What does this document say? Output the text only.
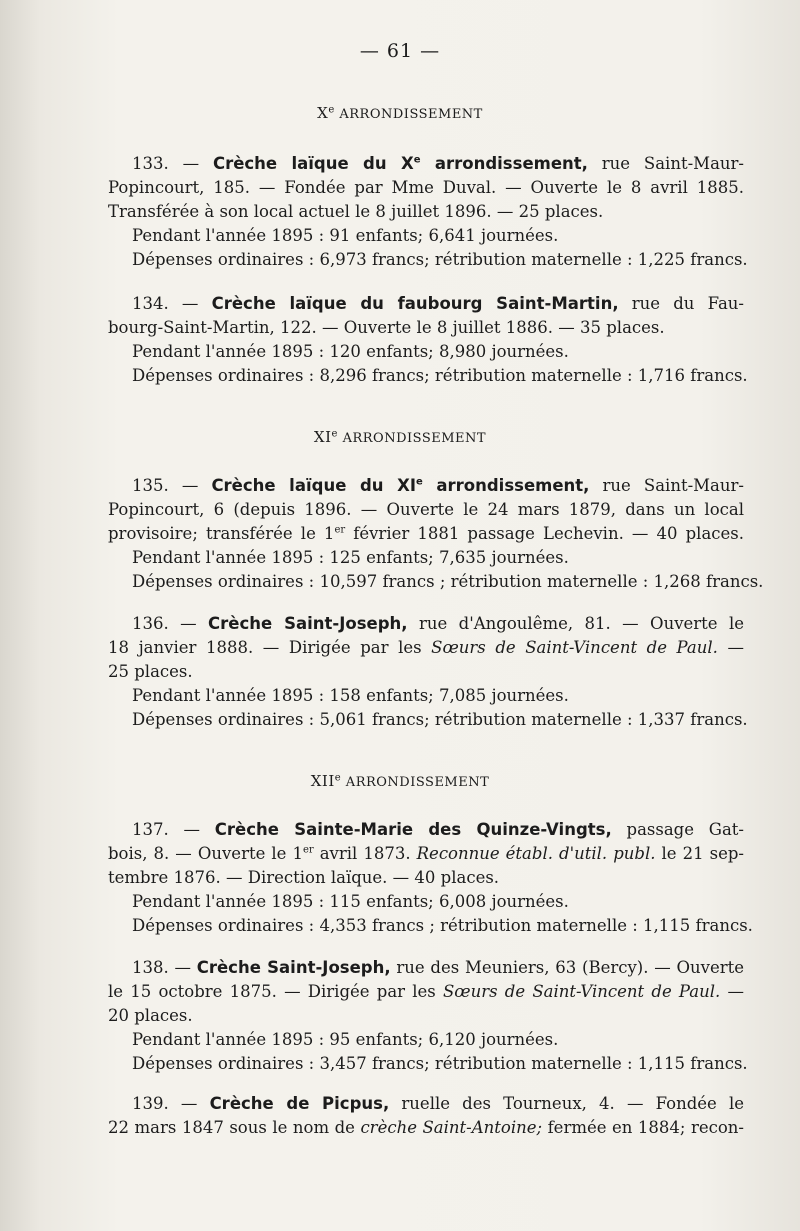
— 61 —
Xe ARRONDISSEMENT
133. — Crèche laïque du Xe arrondissement, rue Saint-Maur-
Popincourt, 185. — Fondée par Mme Duval. — Ouverte le 8 avril 1885.
Transférée à son local actuel le 8 juillet 1896. — 25 places.
Pendant l'année 1895 : 91 enfants; 6,641 journées.
Dépenses ordinaires : 6,973 francs; rétribution maternelle : 1,225 francs.
134. — Crèche laïque du faubourg Saint-Martin, rue du Fau-
bourg-Saint-Martin, 122. — Ouverte le 8 juillet 1886. — 35 places.
Pendant l'année 1895 : 120 enfants; 8,980 journées.
Dépenses ordinaires : 8,296 francs; rétribution maternelle : 1,716 francs.
XIe ARRONDISSEMENT
135. — Crèche laïque du XIe arrondissement, rue Saint-Maur-
Popincourt, 6 (depuis 1896. — Ouverte le 24 mars 1879, dans un local
provisoire; transférée le 1er février 1881 passage Lechevin. — 40 places.
Pendant l'année 1895 : 125 enfants; 7,635 journées.
Dépenses ordinaires : 10,597 francs ; rétribution maternelle : 1,268 francs.
136. — Crèche Saint-Joseph, rue d'Angoulême, 81. — Ouverte le
18 janvier 1888. — Dirigée par les Sœurs de Saint-Vincent de Paul. —
25 places.
Pendant l'année 1895 : 158 enfants; 7,085 journées.
Dépenses ordinaires : 5,061 francs; rétribution maternelle : 1,337 francs.
XIIe ARRONDISSEMENT
137. — Crèche Sainte-Marie des Quinze-Vingts, passage Gat-
bois, 8. — Ouverte le 1er avril 1873. Reconnue établ. d'util. publ. le 21 sep-
tembre 1876. — Direction laïque. — 40 places.
Pendant l'année 1895 : 115 enfants; 6,008 journées.
Dépenses ordinaires : 4,353 francs ; rétribution maternelle : 1,115 francs.
138. — Crèche Saint-Joseph, rue des Meuniers, 63 (Bercy). — Ouverte
le 15 octobre 1875. — Dirigée par les Sœurs de Saint-Vincent de Paul. —
20 places.
Pendant l'année 1895 : 95 enfants; 6,120 journées.
Dépenses ordinaires : 3,457 francs; rétribution maternelle : 1,115 francs.
139. — Crèche de Picpus, ruelle des Tourneux, 4. — Fondée le
22 mars 1847 sous le nom de crèche Saint-Antoine; fermée en 1884; recon-
